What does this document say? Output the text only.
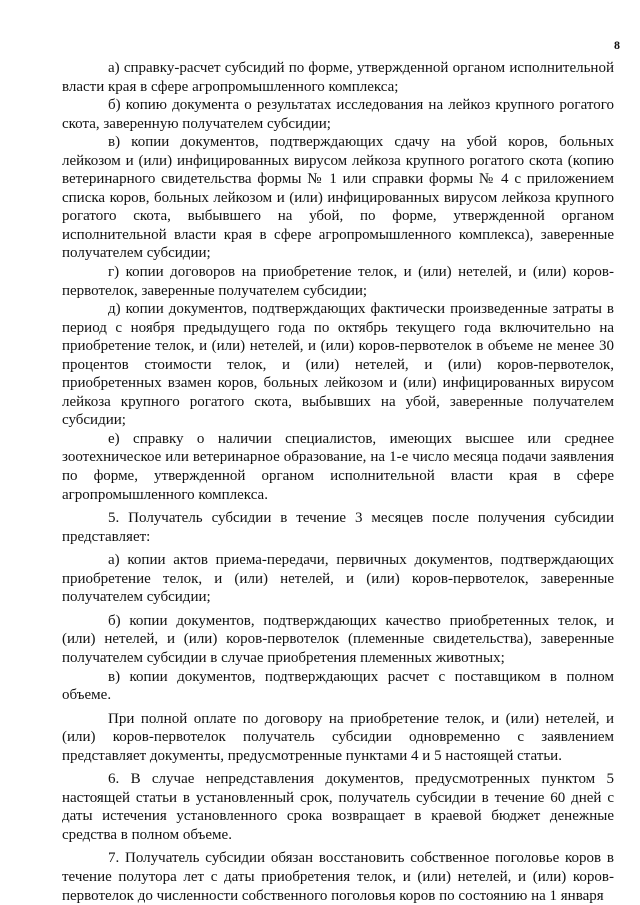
8

а) справку-расчет субсидий по форме, утвержденной органом исполнительной власти края в сфере агропромышленного комплекса;

б) копию документа о результатах исследования на лейкоз крупного рогатого скота, заверенную получателем субсидии;

в) копии документов, подтверждающих сдачу на убой коров, больных лейкозом и (или) инфицированных вирусом лейкоза крупного рогатого скота (копию ветеринарного свидетельства формы № 1 или справки формы № 4 с приложением списка коров, больных лейкозом и (или) инфицированных вирусом лейкоза крупного рогатого скота, выбывшего на убой, по форме, утвержденной органом исполнительной власти края в сфере агропромышленного комплекса), заверенные получателем субсидии;

г) копии договоров на приобретение телок, и (или) нетелей, и (или) коров-первотелок, заверенные получателем субсидии;

д) копии документов, подтверждающих фактически произведенные затраты в период с ноября предыдущего года по октябрь текущего года включительно на приобретение телок, и (или) нетелей, и (или) коров-первотелок в объеме не менее 30 процентов стоимости телок, и (или) нетелей, и (или) коров-первотелок, приобретенных взамен коров, больных лейкозом и (или) инфицированных вирусом лейкоза крупного рогатого скота, выбывших на убой, заверенные получателем субсидии;

е) справку о наличии специалистов, имеющих высшее или среднее зоотехническое или ветеринарное образование, на 1-е число месяца подачи заявления по форме, утвержденной органом исполнительной власти края в сфере агропромышленного комплекса.

5. Получатель субсидии в течение 3 месяцев после получения субсидии представляет:

а) копии актов приема-передачи, первичных документов, подтверждающих приобретение телок, и (или) нетелей, и (или) коров-первотелок, заверенные получателем субсидии;

б) копии документов, подтверждающих качество приобретенных телок, и (или) нетелей, и (или) коров-первотелок (племенные свидетельства), заверенные получателем субсидии в случае приобретения племенных животных;

в) копии документов, подтверждающих расчет с поставщиком в полном объеме.

При полной оплате по договору на приобретение телок, и (или) нетелей, и (или) коров-первотелок получатель субсидии одновременно с заявлением представляет документы, предусмотренные пунктами 4 и 5 настоящей статьи.

6. В случае непредставления документов, предусмотренных пунктом 5 настоящей статьи в установленный срок, получатель субсидии в течение 60 дней с даты истечения установленного срока возвращает в краевой бюджет денежные средства в полном объеме.

7. Получатель субсидии обязан восстановить собственное поголовье коров в течение полутора лет с даты приобретения телок, и (или) нетелей, и (или) коров-первотелок до численности собственного поголовья коров по состоянию на 1 января
